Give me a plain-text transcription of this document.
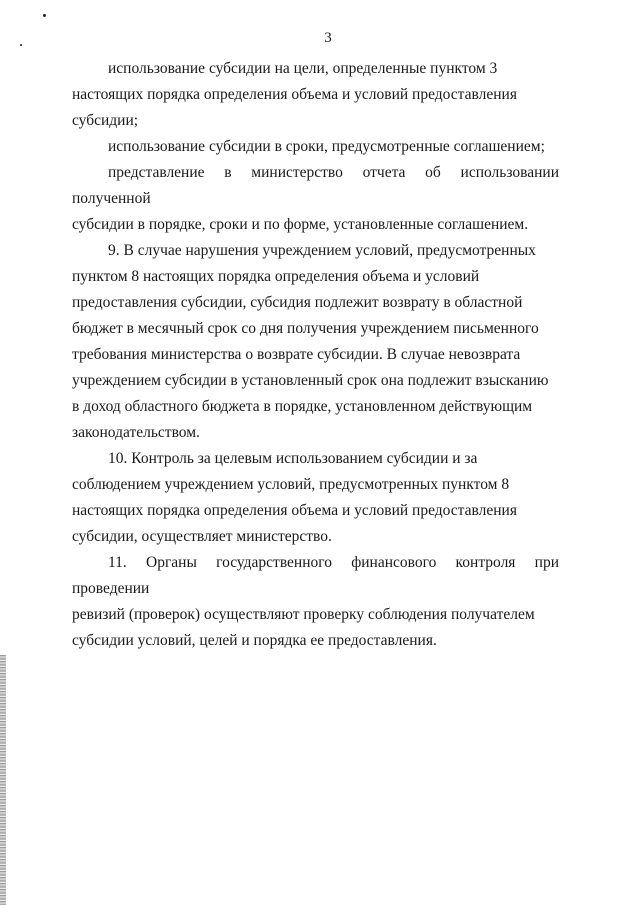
3

использование субсидии на цели, определенные пунктом 3
настоящих порядка определения объема и условий предоставления
субсидии;

использование субсидии в сроки, предусмотренные соглашением;

представление в министерство отчета об использовании полученной
субсидии в порядке, сроки и по форме, установленные соглашением.

9. В случае нарушения учреждением условий, предусмотренных
пунктом 8 настоящих порядка определения объема и условий
предоставления субсидии, субсидия подлежит возврату в областной
бюджет в месячный срок со дня получения учреждением письменного
требования министерства о возврате субсидии. В случае невозврата
учреждением субсидии в установленный срок она подлежит взысканию
в доход областного бюджета в порядке, установленном действующим
законодательством.

10. Контроль за целевым использованием субсидии и за
соблюдением учреждением условий, предусмотренных пунктом 8
настоящих порядка определения объема и условий предоставления
субсидии, осуществляет министерство.

11. Органы государственного финансового контроля при проведении
ревизий (проверок) осуществляют проверку соблюдения получателем
субсидии условий, целей и порядка ее предоставления.
